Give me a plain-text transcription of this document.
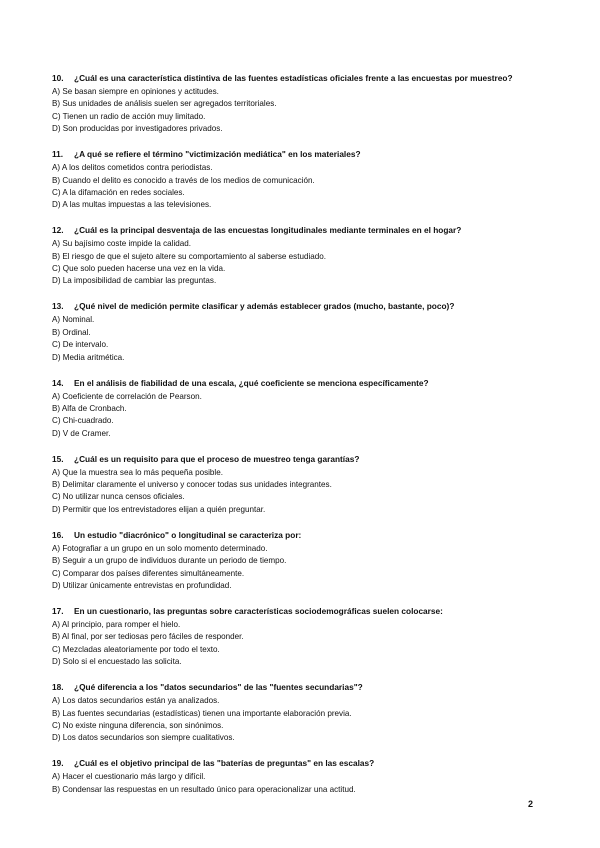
10. ¿Cuál es una característica distintiva de las fuentes estadísticas oficiales frente a las encuestas por muestreo?
A) Se basan siempre en opiniones y actitudes.
B) Sus unidades de análisis suelen ser agregados territoriales.
C) Tienen un radio de acción muy limitado.
D) Son producidas por investigadores privados.
11. ¿A qué se refiere el término "victimización mediática" en los materiales?
A) A los delitos cometidos contra periodistas.
B) Cuando el delito es conocido a través de los medios de comunicación.
C) A la difamación en redes sociales.
D) A las multas impuestas a las televisiones.
12. ¿Cuál es la principal desventaja de las encuestas longitudinales mediante terminales en el hogar?
A) Su bajísimo coste impide la calidad.
B) El riesgo de que el sujeto altere su comportamiento al saberse estudiado.
C) Que solo pueden hacerse una vez en la vida.
D) La imposibilidad de cambiar las preguntas.
13. ¿Qué nivel de medición permite clasificar y además establecer grados (mucho, bastante, poco)?
A) Nominal.
B) Ordinal.
C) De intervalo.
D) Media aritmética.
14. En el análisis de fiabilidad de una escala, ¿qué coeficiente se menciona específicamente?
A) Coeficiente de correlación de Pearson.
B) Alfa de Cronbach.
C) Chi-cuadrado.
D) V de Cramer.
15. ¿Cuál es un requisito para que el proceso de muestreo tenga garantías?
A) Que la muestra sea lo más pequeña posible.
B) Delimitar claramente el universo y conocer todas sus unidades integrantes.
C) No utilizar nunca censos oficiales.
D) Permitir que los entrevistadores elijan a quién preguntar.
16. Un estudio "diacrónico" o longitudinal se caracteriza por:
A) Fotografiar a un grupo en un solo momento determinado.
B) Seguir a un grupo de individuos durante un periodo de tiempo.
C) Comparar dos países diferentes simultáneamente.
D) Utilizar únicamente entrevistas en profundidad.
17. En un cuestionario, las preguntas sobre características sociodemográficas suelen colocarse:
A) Al principio, para romper el hielo.
B) Al final, por ser tediosas pero fáciles de responder.
C) Mezcladas aleatoriamente por todo el texto.
D) Solo si el encuestado las solicita.
18. ¿Qué diferencia a los "datos secundarios" de las "fuentes secundarias"?
A) Los datos secundarios están ya analizados.
B) Las fuentes secundarias (estadísticas) tienen una importante elaboración previa.
C) No existe ninguna diferencia, son sinónimos.
D) Los datos secundarios son siempre cualitativos.
19. ¿Cuál es el objetivo principal de las "baterías de preguntas" en las escalas?
A) Hacer el cuestionario más largo y difícil.
B) Condensar las respuestas en un resultado único para operacionalizar una actitud.
2
